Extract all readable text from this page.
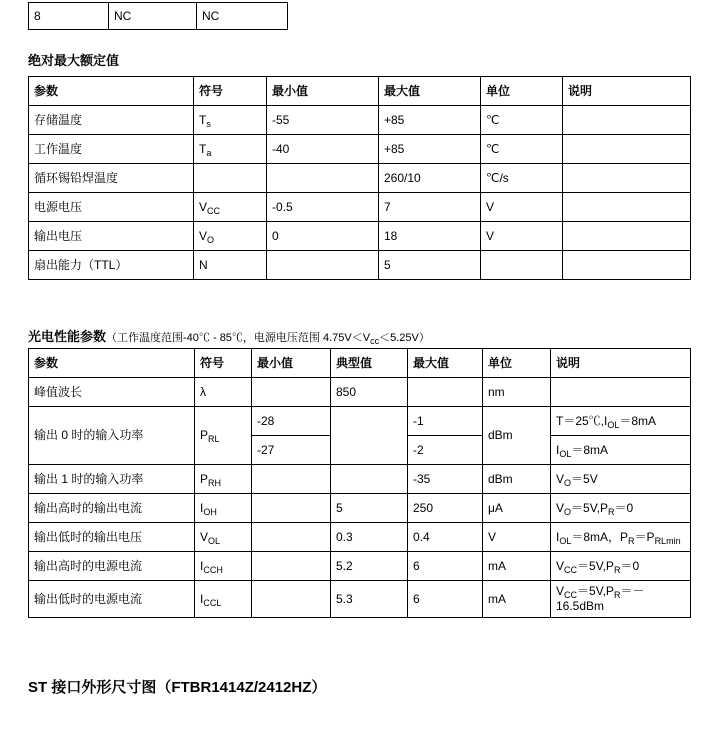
8	NC	NC
绝对最大额定值
参数	符号	最小值	最大值	单位	说明
存储温度	$T_s$	-55	+85	℃	
工作温度	$T_a$	-40	+85	℃	
循环锡铅焊温度			260/10	℃/s	
电源电压	$V_{CC}$	-0.5	7	V	
输出电压	$V_O$	0	18	V	
扇出能力（TTL）	N		5		
光电性能参数（工作温度范围-40℃ - 85℃，电源电压范围 $4.75V<V_{cc}<5.25V$）
参数	符号	最小值	典型值	最大值	单位	说明
峰值波长	λ		850		nm	
输出 0 时的输入功率	$P_{RL}$	-28		-1	dBm	$T=25℃,I_{OL}=8mA$
		-27		-2		$I_{OL}=8mA$
输出 1 时的输入功率	$P_{RH}$			-35	dBm	$V_O=5V$
输出高时的输出电流	$I_{OH}$		5	250	μA	$V_O=5V,P_R=0$
输出低时的输出电压	$V_{OL}$		0.3	0.4	V	$I_{OL}=8mA$，$P_R=P_{RLmin}$
输出高时的电源电流	$I_{CCH}$		5.2	6	mA	$V_{CC}=5V,P_R=0$
输出低时的电源电流	$I_{CCL}$		5.3	6	mA	$V_{CC}=5V,P_R=-16.5dBm$
ST 接口外形尺寸图（FTBR1414Z/2412HZ）
